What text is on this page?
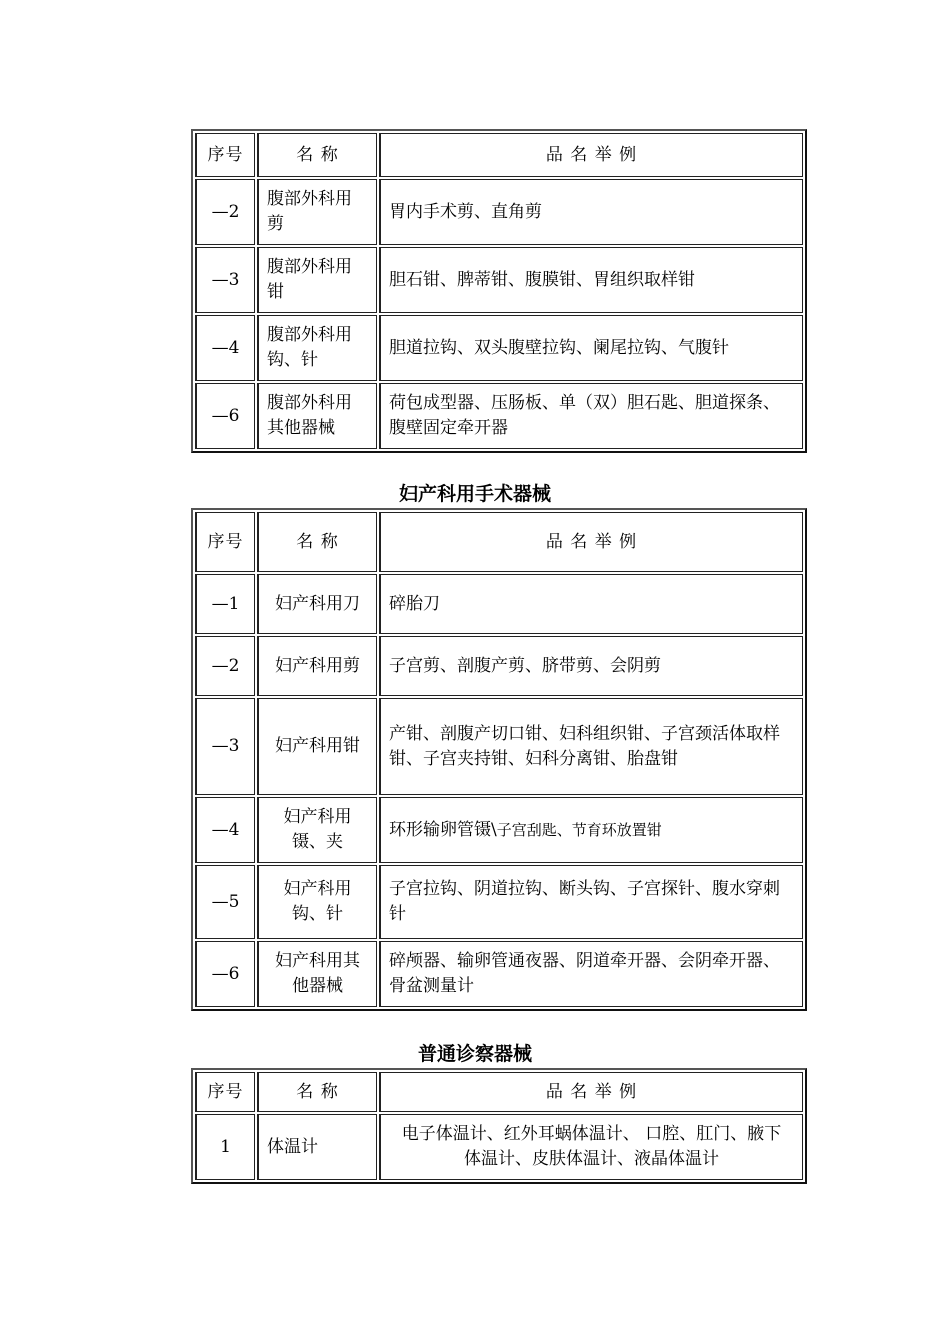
序号	名 称	品 名 举 例
—2	腹部外科用剪	胃内手术剪、直角剪
—3	腹部外科用钳	胆石钳、脾蒂钳、腹膜钳、胃组织取样钳
—4	腹部外科用钩、针	胆道拉钩、双头腹壁拉钩、阑尾拉钩、气腹针
—6	腹部外科用其他器械	荷包成型器、压肠板、单（双）胆石匙、胆道探条、腹壁固定牵开器
妇产科用手术器械
序号	名 称	品 名 举 例
—1	妇产科用刀	碎胎刀
—2	妇产科用剪	子宫剪、剖腹产剪、脐带剪、会阴剪
—3	妇产科用钳	产钳、剖腹产切口钳、妇科组织钳、子宫颈活体取样钳、子宫夹持钳、妇科分离钳、胎盘钳
—4	妇产科用镊、夹	环形输卵管镊\子宫刮匙、节育环放置钳
—5	妇产科用钩、针	子宫拉钩、阴道拉钩、断头钩、子宫探针、腹水穿刺针
—6	妇产科用其他器械	碎颅器、输卵管通夜器、阴道牵开器、会阴牵开器、骨盆测量计
普通诊察器械
序号	名 称	品 名 举 例
1	体温计	电子体温计、红外耳蜗体温计、 口腔、肛门、腋下
体温计、皮肤体温计、液晶体温计
